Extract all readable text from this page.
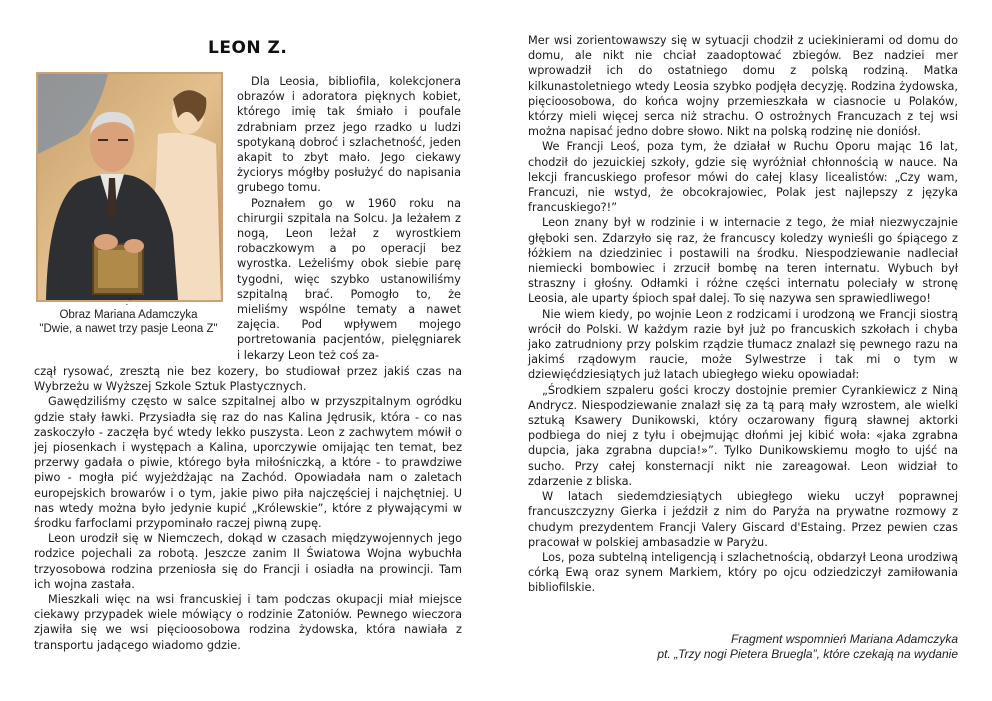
LEON Z.
.”
Obraz Mariana Adamczyka
"Dwie, a nawet trzy pasje Leona Z"

Dla Leosia, bibliofila, kolekcjonera obrazów i adoratora pięknych kobiet, którego imię tak śmiało i poufale zdrabniam przez jego rzadko u ludzi spotykaną dobroć i szlachetność, jeden akapit to zbyt mało. Jego ciekawy życiorys mógłby posłużyć do napisania grubego tomu.

Poznałem go w 1960 roku na chirurgii szpitala na Solcu. Ja leżałem z nogą, Leon leżał z wyrostkiem robaczkowym a po operacji bez wyrostka. Leżeliśmy obok siebie parę tygodni, więc szybko ustanowiliśmy szpitalną brać. Pomogło to, że mieliśmy wspólne tematy a nawet zajęcia. Pod wpływem mojego portretowania pacjentów, pielęgniarek i lekarzy Leon też coś za-

czął rysować, zresztą nie bez kozery, bo studiował przez jakiś czas na Wybrzeżu w Wyższej Szkole Sztuk Plastycznych.

Gawędziliśmy często w salce szpitalnej albo w przyszpitalnym ogródku gdzie stały ławki. Przysiadła się raz do nas Kalina Jędrusik, która - co nas zaskoczyło - zaczęła być wtedy lekko puszysta. Leon z zachwytem mówił o jej piosenkach i występach a Kalina, uporczywie omijając ten temat, bez przerwy gadała o piwie, którego była miłośniczką, a które - to prawdziwe piwo - mogła pić wyjeżdżając na Zachód. Opowiadała nam o zaletach europejskich browarów i o tym, jakie piwo piła najczęściej i najchętniej. U nas wtedy można było jedynie kupić „Królewskie”, które z pływającymi w środku farfoclami przypominało raczej piwną zupę.

Leon urodził się w Niemczech, dokąd w czasach międzywojennych jego rodzice pojechali za robotą. Jeszcze zanim II Światowa Wojna wybuchła trzyosobowa rodzina przeniosła się do Francji i osiadła na prowincji. Tam ich wojna zastała.

Mieszkali więc na wsi francuskiej i tam podczas okupacji miał miejsce ciekawy przypadek wiele mówiący o rodzinie Zatoniów. Pewnego wieczora zjawiła się we wsi pięcioosobowa rodzina żydowska, która nawiała z transportu jadącego wiadomo gdzie.

Mer wsi zorientowawszy się w sytuacji chodził z uciekinierami od domu do domu, ale nikt nie chciał zaadoptować zbiegów. Bez nadziei mer wprowadził ich do ostatniego domu z polską rodziną. Matka kilkunastoletniego wtedy Leosia szybko podjęła decyzję. Rodzina żydowska, pięcioosobowa, do końca wojny przemieszkała w ciasnocie u Polaków, którzy mieli więcej serca niż strachu. O ostrożnych Francuzach z tej wsi można napisać jedno dobre słowo. Nikt na polską rodzinę nie doniósł.

We Francji Leoś, poza tym, że działał w Ruchu Oporu mając 16 lat, chodził do jezuickiej szkoły, gdzie się wyróżniał chłonnością w nauce. Na lekcji francuskiego profesor mówi do całej klasy licealistów: „Czy wam, Francuzi, nie wstyd, że obcokrajowiec, Polak jest najlepszy z języka francuskiego?!”

Leon znany był w rodzinie i w internacie z tego, że miał niezwyczajnie głęboki sen. Zdarzyło się raz, że francuscy koledzy wynieśli go śpiącego z łóżkiem na dziedziniec i postawili na środku. Niespodziewanie nadleciał niemiecki bombowiec i zrzucił bombę na teren internatu. Wybuch był straszny i głośny. Odłamki i różne części internatu poleciały w stronę Leosia, ale uparty śpioch spał dalej. To się nazywa sen sprawiedliwego!

Nie wiem kiedy, po wojnie Leon z rodzicami i urodzoną we Francji siostrą wrócił do Polski. W każdym razie był już po francuskich szkołach i chyba jako zatrudniony przy polskim rządzie tłumacz znalazł się pewnego razu na jakimś rządowym raucie, może Sylwestrze i tak mi o tym w dziewięćdziesiątych już latach ubiegłego wieku opowiadał:

„Środkiem szpaleru gości kroczy dostojnie premier Cyrankiewicz z Niną Andrycz. Niespodziewanie znalazł się za tą parą mały wzrostem, ale wielki sztuką Ksawery Dunikowski, który oczarowany figurą sławnej aktorki podbiega do niej z tyłu i obejmując dłońmi jej kibić woła: «jaka zgrabna dupcia, jaka zgrabna dupcia!»”. Tylko Dunikowskiemu mogło to ujść na sucho. Przy całej konsternacji nikt nie zareagował. Leon widział to zdarzenie z bliska.

W latach siedemdziesiątych ubiegłego wieku uczył poprawnej francuszczyzny Gierka i jeździł z nim do Paryża na prywatne rozmowy z chudym prezydentem Francji Valery Giscard d'Estaing. Przez pewien czas pracował w polskiej ambasadzie w Paryżu.

Los, poza subtelną inteligencją i szlachetnością, obdarzył Leona urodziwą córką Ewą oraz synem Markiem, który po ojcu odziedziczył zamiłowania bibliofilskie.

Fragment wspomnień Mariana Adamczyka
pt. „Trzy nogi Pietera Bruegla”, które czekają na wydanie
